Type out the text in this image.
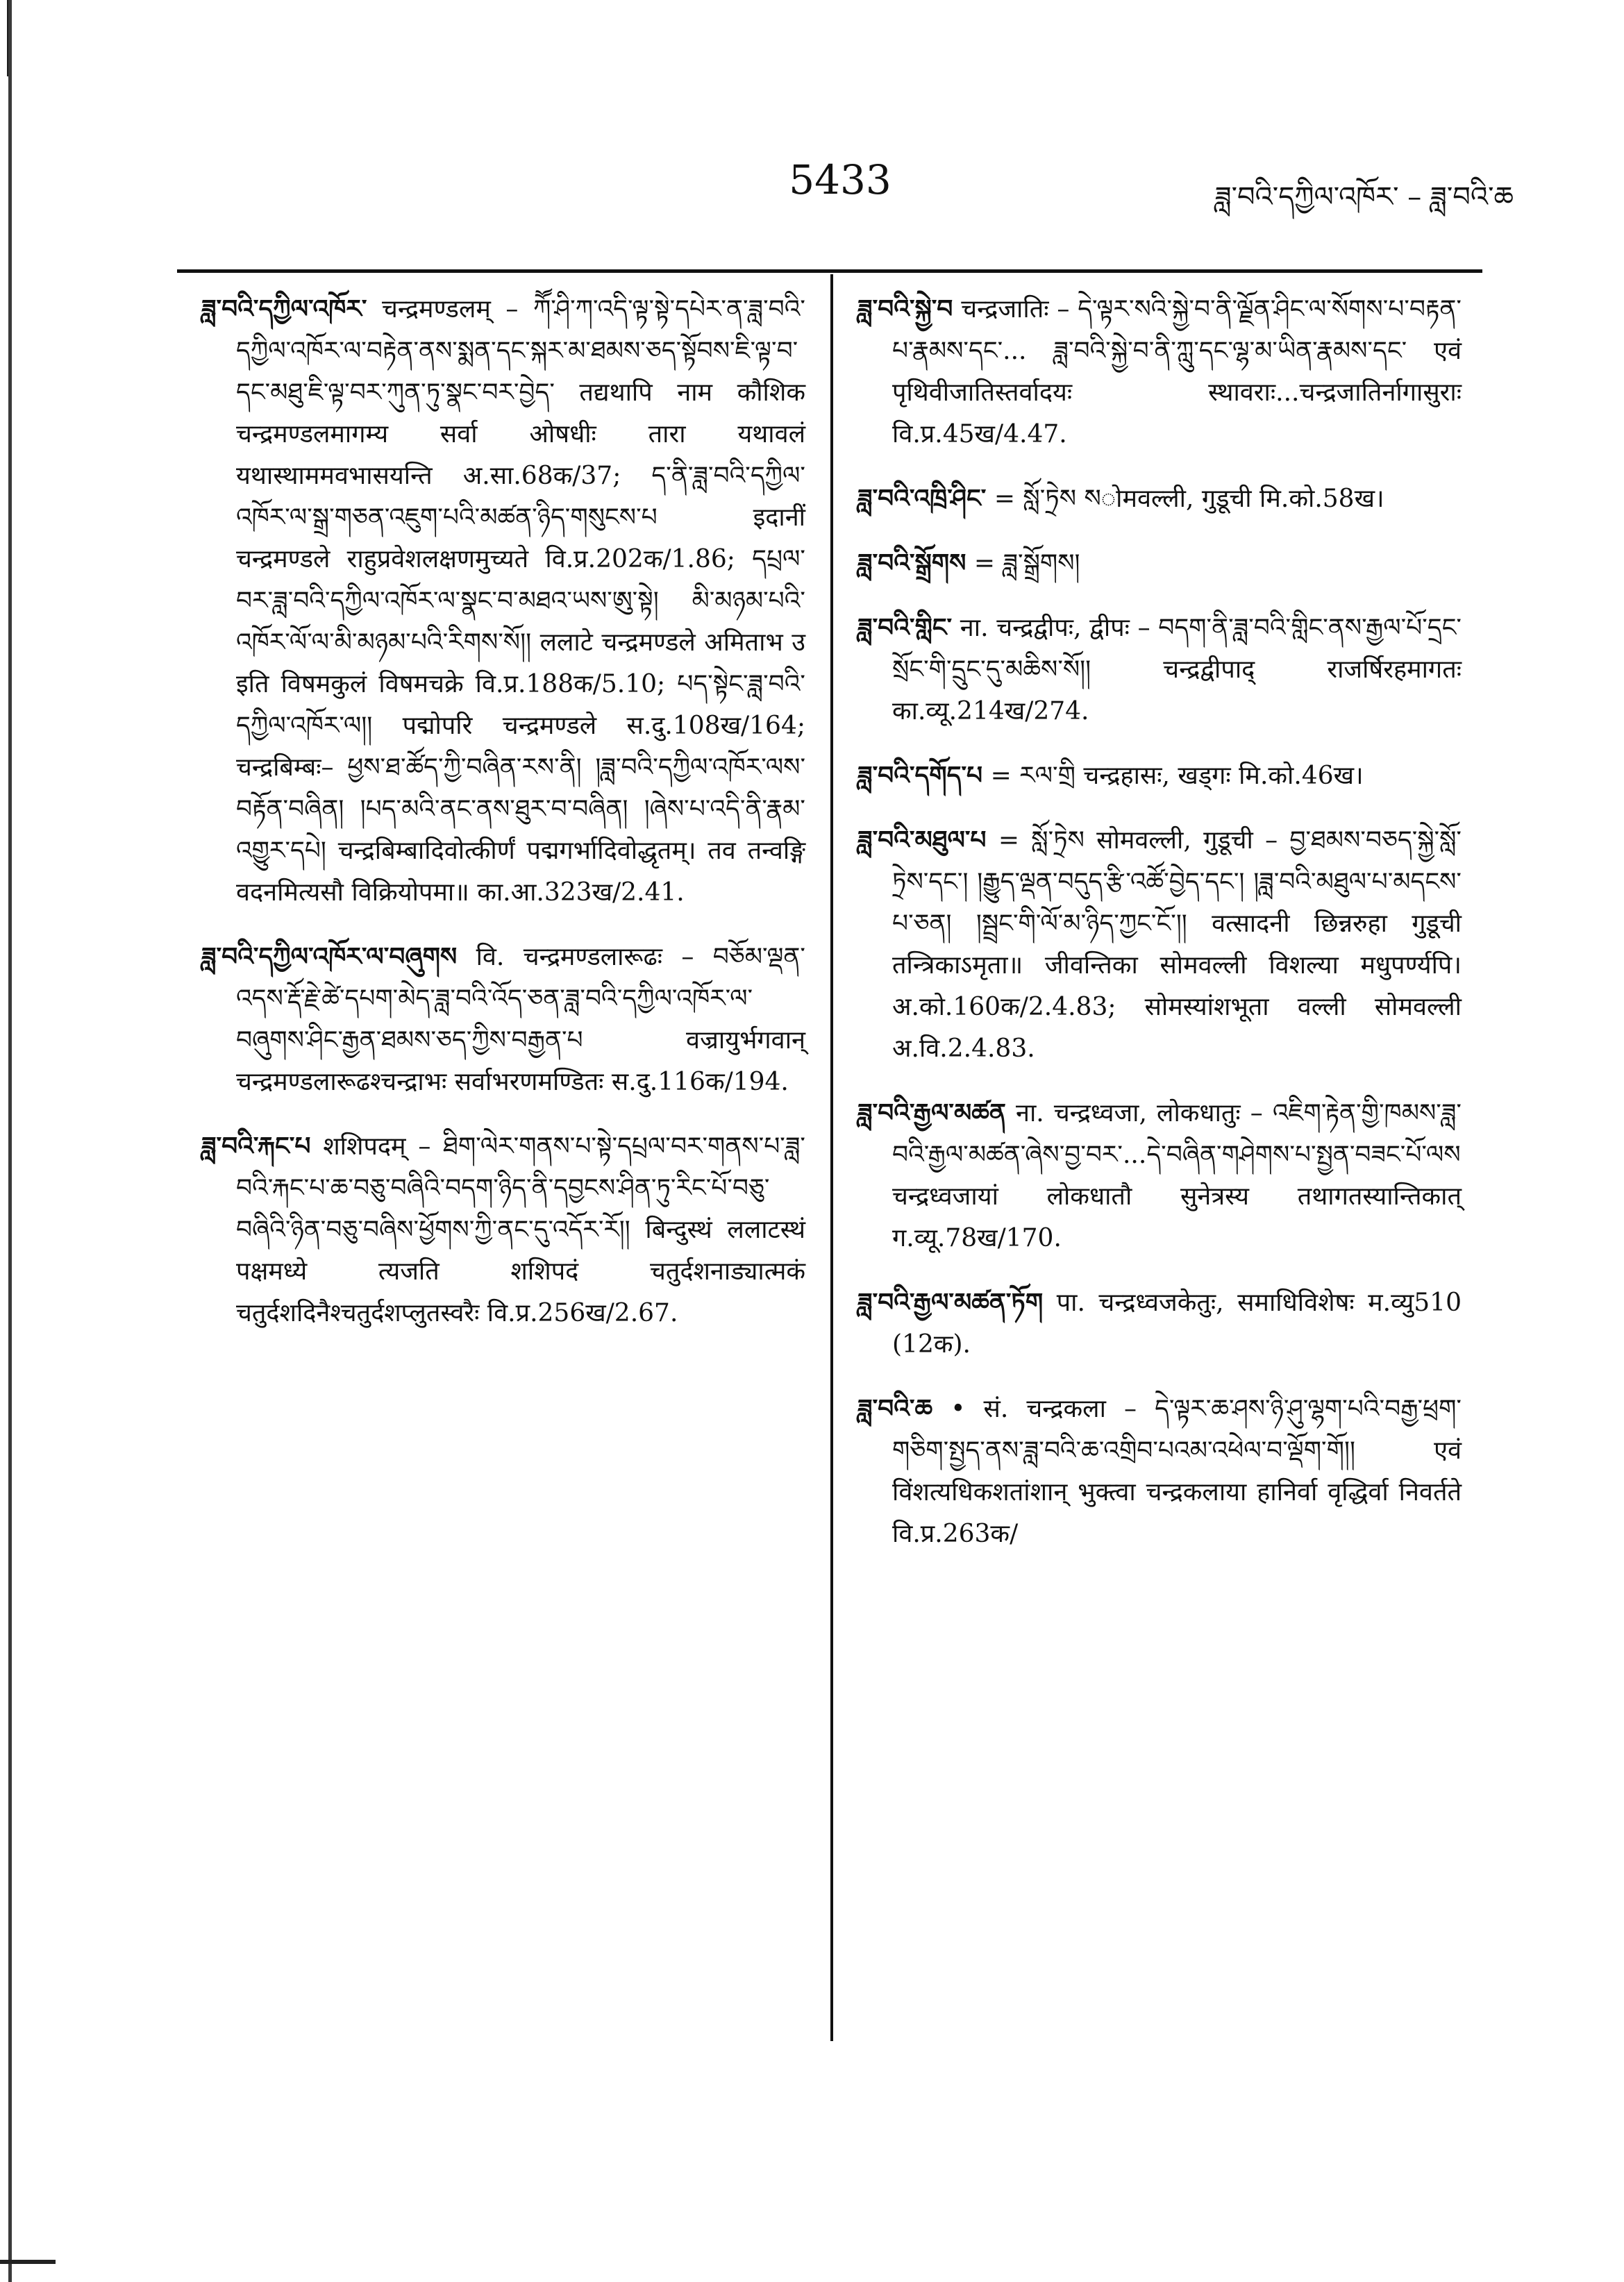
5433	ཟླ་བའི་དཀྱིལ་འཁོར་ – ཟླ་བའི་ཆ

ཟླ་བའི་དཀྱིལ་འཁོར་ चन्द्रमण्डलम् – ཀཽ་ཤི་ཀ་འདི་ལྟ་སྟེ་དཔེར་ན་ཟླ་བའི་དཀྱིལ་འཁོར་ལ་བརྟེན་ནས་སྨན་དང་སྐར་མ་ཐམས་ཅད་སྟོབས་ཇི་ལྟ་བ་དང་མཐུ་ཇི་ལྟ་བར་ཀུན་ཏུ་སྣང་བར་བྱེད་ तद्यथापि नाम कौशिक चन्द्रमण्डलमागम्य सर्वा ओषधीः तारा यथावलं यथास्थाममवभासयन्ति अ.सा.68क/37; ད་ནི་ཟླ་བའི་དཀྱིལ་འཁོར་ལ་སྒྲ་གཅན་འཇུག་པའི་མཚན་ཉིད་གསུངས་པ इदानीं चन्द्रमण्डले राहुप्रवेशलक्षणमुच्यते वि.प्र.202क/1.86; དཔྲལ་བར་ཟླ་བའི་དཀྱིལ་འཁོར་ལ་སྣང་བ་མཐའ་ཡས་ཨུ་སྟེ། མི་མཉམ་པའི་འཁོར་ལོ་ལ་མི་མཉམ་པའི་རིགས་སོ།། ललाटे चन्द्रमण्डले अमिताभ उ इति विषमकुलं विषमचक्रे वि.प्र.188क/5.10; པད་སྟེང་ཟླ་བའི་དཀྱིལ་འཁོར་ལ།། पद्मोपरि चन्द्रमण्डले स.दु.108ख/164; चन्द्रबिम्बः– ཕྱས་ཐ་ཚོད་ཀྱི་བཞིན་རས་ནི། །ཟླ་བའི་དཀྱིལ་འཁོར་ལས་བརྟོན་བཞིན། །པད་མའི་ནང་ནས་ཐུར་བ་བཞིན། །ཞེས་པ་འདི་ནི་རྣམ་འགྱུར་དཔེ། चन्द्रबिम्बादिवोत्कीर्णं पद्मगर्भादिवोद्धृतम्। तव तन्वङ्गि वदनमित्यसौ विक्रियोपमा॥ का.आ.323ख/2.41.

ཟླ་བའི་དཀྱིལ་འཁོར་ལ་བཞུགས वि. चन्द्रमण्डलारूढः – བཅོམ་ལྡན་འདས་རྡོ་རྗེ་ཚེ་དཔག་མེད་ཟླ་བའི་འོད་ཅན་ཟླ་བའི་དཀྱིལ་འཁོར་ལ་བཞུགས་ཤིང་རྒྱན་ཐམས་ཅད་ཀྱིས་བརྒྱན་པ वज्रायुर्भगवान् चन्द्रमण्डलारूढश्चन्द्राभः सर्वाभरणमण्डितः स.दु.116क/194.

ཟླ་བའི་རྐང་པ शशिपदम् – ཐིག་ལེར་གནས་པ་སྟེ་དཔྲལ་བར་གནས་པ་ཟླ་བའི་རྐང་པ་ཆ་བཅུ་བཞིའི་བདག་ཉིད་ནི་དབྱངས་ཤིན་ཏུ་རིང་པོ་བཅུ་བཞིའི་ཉིན་བཅུ་བཞིས་ཕྱོགས་ཀྱི་ནང་དུ་འདོར་རོ།། बिन्दुस्थं ललाटस्थं पक्षमध्ये त्यजति शशिपदं चतुर्दशनाड्यात्मकं चतुर्दशदिनैश्चतुर्दशप्लुतस्वरैः वि.प्र.256ख/2.67.

ཟླ་བའི་སྐྱེ་བ चन्द्रजातिः – དེ་ལྟར་སའི་སྐྱེ་བ་ནི་ལྗོན་ཤིང་ལ་སོགས་པ་བརྟན་པ་རྣམས་དང་... ཟླ་བའི་སྐྱེ་བ་ནི་ཀླུ་དང་ལྷ་མ་ཡིན་རྣམས་དང་ एवं पृथिवीजातिस्तर्वादयः स्थावराः...चन्द्रजातिर्नागासुराः वि.प्र.45ख/4.47.

ཟླ་བའི་འཁྲི་ཤིང་ = སློ་ཏྲེས སोमवल्ली, गुडूची मि.को.58ख।

ཟླ་བའི་སྒྲོགས = ཟླ་སྒྲོགས།

ཟླ་བའི་གླིང་ ना. चन्द्रद्वीपः, द्वीपः – བདག་ནི་ཟླ་བའི་གླིང་ནས་རྒྱལ་པོ་དྲང་སྲོང་གི་དྲུང་དུ་མཆིས་སོ།། चन्द्रद्वीपाद् राजर्षिरहमागतः का.व्यू.214ख/274.

ཟླ་བའི་དགོད་པ = རལ་གྲི चन्द्रहासः, खड्गः मि.को.46ख।

ཟླ་བའི་མཐུལ་པ = སློ་ཏྲེས सोमवल्ली, गुडूची – བྱ་ཐམས་བཅད་སྐྱེ་སློ་ཏྲེས་དང་། །རྒྱུད་ལྡན་བདུད་རྩི་འཚོ་བྱེད་དང་། །ཟླ་བའི་མཐུལ་པ་མདངས་པ་ཅན། །སྦྲང་གི་ལོ་མ་ཉིད་ཀྱང་ངོ་།། वत्सादनी छिन्नरुहा गुडूची तन्त्रिकाऽमृता॥ जीवन्तिका सोमवल्ली विशल्या मधुपर्ण्यपि। अ.को.160क/2.4.83; सोमस्यांशभूता वल्ली सोमवल्ली अ.वि.2.4.83.

ཟླ་བའི་རྒྱལ་མཚན ना. चन्द्रध्वजा, लोकधातुः – འཇིག་རྟེན་གྱི་ཁམས་ཟླ་བའི་རྒྱལ་མཚན་ཞེས་བྱ་བར་...དེ་བཞིན་གཤེགས་པ་སྤྱན་བཟང་པོ་ལས चन्द्रध्वजायां लोकधातौ सुनेत्रस्य तथागतस्यान्तिकात् ग.व्यू.78ख/170.

ཟླ་བའི་རྒྱལ་མཚན་ཏོག पा. चन्द्रध्वजकेतुः, समाधिविशेषः म.व्यु510 (12क).

ཟླ་བའི་ཆ • सं. चन्द्रकला – དེ་ལྟར་ཆ་ཤས་ཉི་ཤུ་ལྷག་པའི་བརྒྱ་ཕྲག་གཅིག་སྤྱད་ནས་ཟླ་བའི་ཆ་འགྲིབ་པའམ་འཕེལ་བ་ལྡོག་གོ།། एवं विंशत्यधिकशतांशान् भुक्त्वा चन्द्रकलाया हानिर्वा वृद्धिर्वा निवर्तते वि.प्र.263क/
